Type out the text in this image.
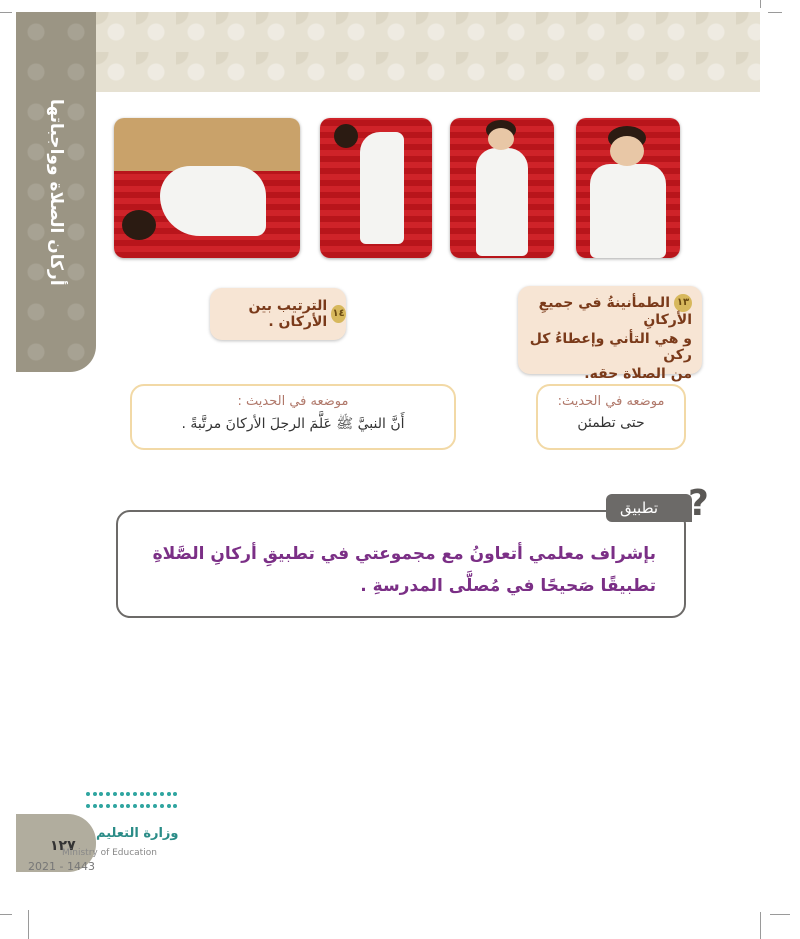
أركان الصلاة وواجباتها
١٣الطمأنينةُ في جميعِ الأركانِ
و هي التأني وإعطاءُ كل ركن
من الصلاة حقه.
١٤
الترتيب بين الأركان .
موضعه في الحديث:
حتى تطمئن
موضعه في الحديث :
أَنَّ النبيَّ ﷺ عَلَّمَ الرجلَ الأركانَ مرتَّبةً .
بإشراف معلمي أتعاونُ مع مجموعتي في تطبيقِ أركانِ الصَّلاةِ تطبيقًا صَحيحًا في مُصلَّى المدرسةِ .
تطبيق ?
١٢٧
وزارة التعليم
Ministry of Education
2021 - 1443
